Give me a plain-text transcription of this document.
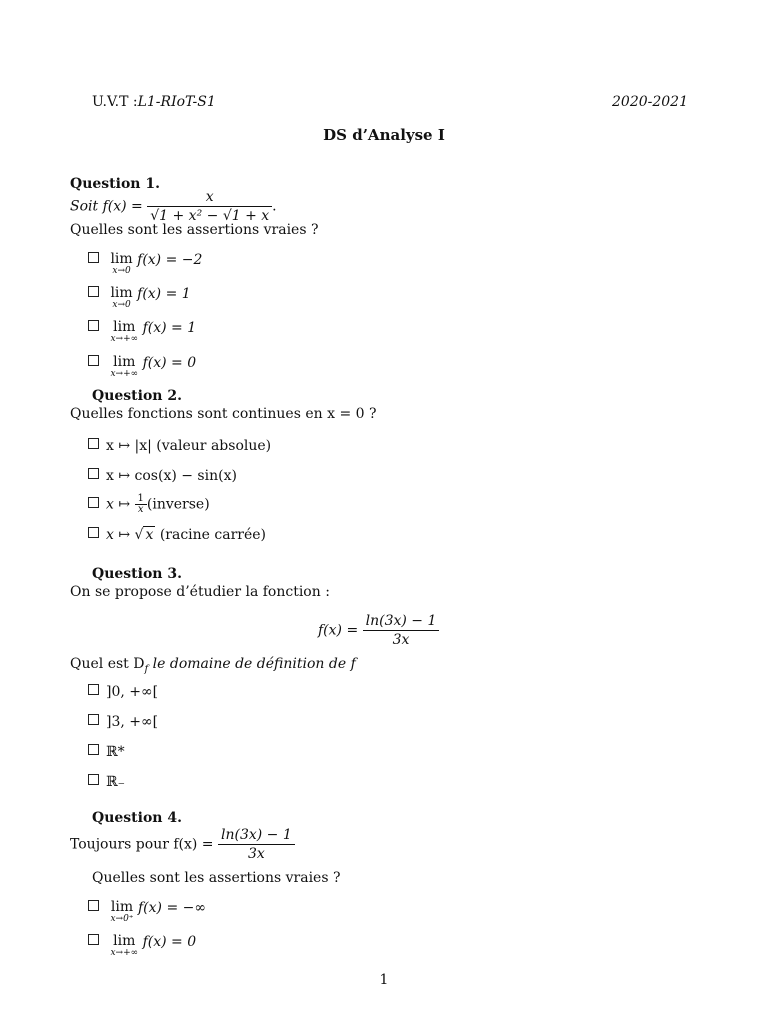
U.V.T :L1-RIoT-S1	2020-2021
DS d’Analyse I
Question 1.
Soit $f(x) = \frac{x}{\text{√1 + x² − √1 + x}}$ .
Quelles sont les assertions vraies ?
lim
x→0
f(x) = −2
lim
x→0
f(x) = 1
lim
x→+∞
f(x) = 1
lim
x→+∞
f(x) = 0
Question 2.
Quelles fonctions sont continues en x = 0 ?
x ↦ |x| (valeur absolue)
x ↦ cos(x) − sin(x)
x ↦ $\frac{1}{x}$ (inverse)
x ↦ √ x (racine carrée)
Question 3.
On se propose d’étudier la fonction :
$f(x) = \frac{\ln(3x) - 1}{3x}$
Quel est $D_f$ le domaine de définition de f
]0, +∞[
]3, +∞[
ℝ*
ℝ₋
Question 4.
Toujours pour $f(x) = \frac{\ln(3x) - 1}{3x}$
Quelles sont les assertions vraies ?
lim
x→0⁺
f(x) = −∞
lim
x→+∞
f(x) = 0
1
